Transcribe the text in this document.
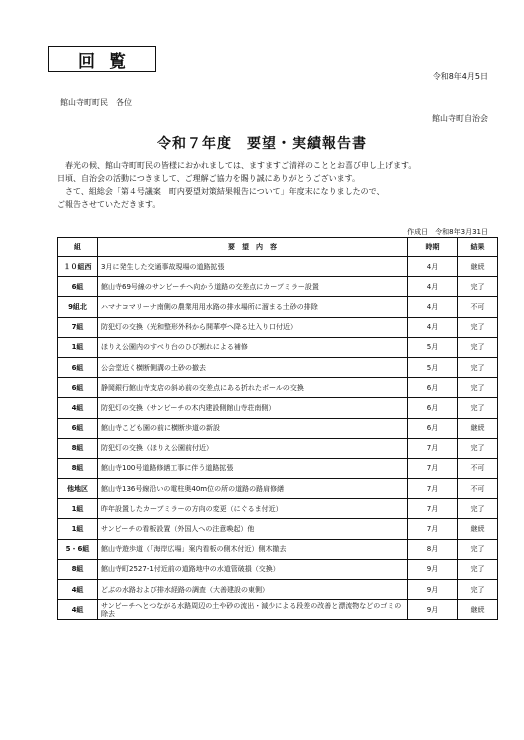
回覧
令和8年4月5日
館山寺町町民　各位
館山寺町自治会
令和７年度　要望・実績報告書

　春光の候、館山寺町町民の皆様におかれましては、ますますご清祥のこととお喜び申し上げます。

日頃、自治会の活動につきまして、ご理解ご協力を賜り誠にありがとうございます。

　さて、組総会「第４号議案　町内要望対策結果報告について」年度末になりましたので、

ご報告させていただきます。

作成日　令和8年3月31日
組	要　望　内　容	時期	結果
１０組西	3月に発生した交通事故現場の道路拡張	4月	継続
6組	館山寺69号線のサンビーチへ向かう道路の交差点にカーブミラー設置	4月	完了
9組北	ハマナコマリーナ南側の農業用用水路の排水場所に溜まる土砂の排除	4月	不可
7組	防犯灯の交換（光和整形外科から開華亭へ降る辻入り口付近）	4月	完了
1組	ほりえ公園内のすべり台のひび割れによる補修	5月	完了
6組	公会堂近く横断側溝の土砂の撤去	5月	完了
6組	静岡銀行館山寺支店の斜め前の交差点にある折れたポールの交換	6月	完了
4組	防犯灯の交換（サンビーチの木内建設側館山寺荘南側）	6月	完了
6組	館山寺こども園の前に横断歩道の新設	6月	継続
8組	防犯灯の交換（ほりえ公園前付近）	7月	完了
8組	館山寺100号道路修繕工事に伴う道路拡張	7月	不可
他地区	館山寺136号線沿いの電柱奥40m位の所の道路の路肩修繕	7月	不可
1組	昨年設置したカーブミラーの方向の変更（にぐるま付近）	7月	完了
1組	サンビーチの看板設置（外国人への注意喚起）他	7月	継続
5・6組	館山寺遊歩道（「海岸広場」案内看板の側木付近）側木撤去	8月	完了
8組	館山寺町2527-1付近前の道路地中の水道管破損（交換）	9月	完了
4組	どぶの水路および排水経路の調査（大善建設の東側）	9月	完了
4組	サンビーチへとつながる水路周辺の土や砂の流出・減少による段差の改善と漂流物などのゴミの除去	9月	継続
